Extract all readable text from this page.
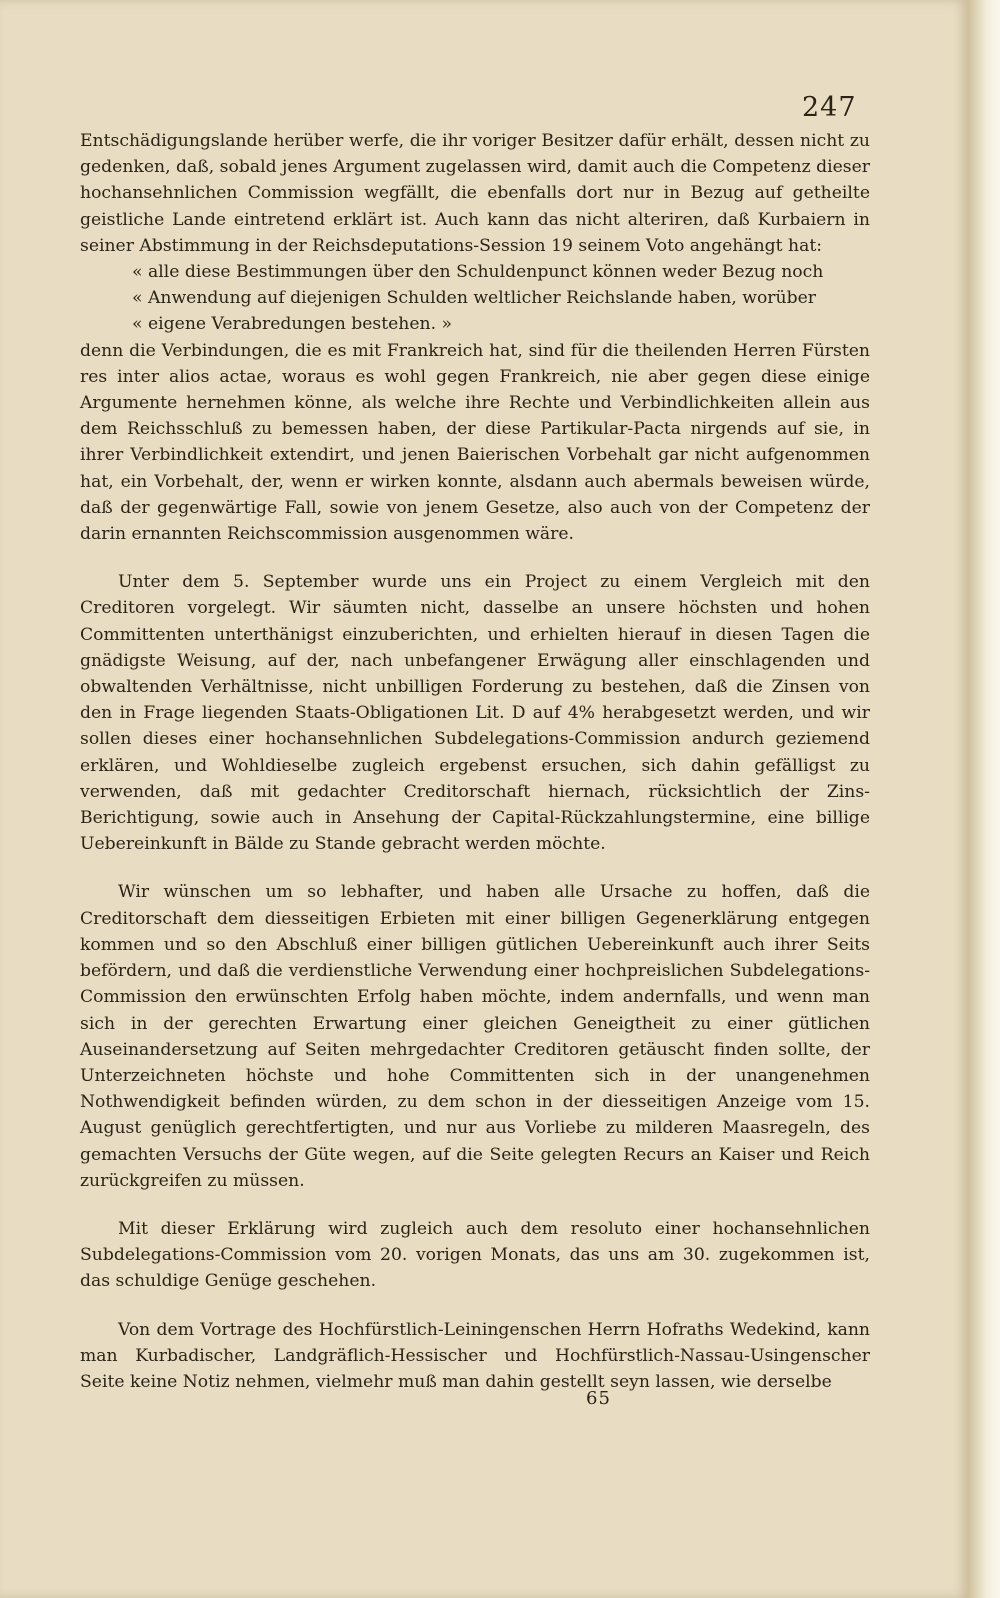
247

Entschädigungslande herüber werfe, die ihr voriger Besitzer dafür erhält, dessen nicht zu gedenken, daß, sobald jenes Argument zugelassen wird, damit auch die Competenz dieser hochansehnlichen Commission wegfällt, die ebenfalls dort nur in Bezug auf getheilte geistliche Lande eintretend erklärt ist. Auch kann das nicht alteriren, daß Kurbaiern in seiner Abstimmung in der Reichsdeputations-Session 19 seinem Voto angehängt hat:

« alle diese Bestimmungen über den Schuldenpunct können weder Bezug noch
« Anwendung auf diejenigen Schulden weltlicher Reichslande haben, worüber
« eigene Verabredungen bestehen. »

denn die Verbindungen, die es mit Frankreich hat, sind für die theilenden Herren Fürsten res inter alios actae, woraus es wohl gegen Frankreich, nie aber gegen diese einige Argumente hernehmen könne, als welche ihre Rechte und Verbindlichkeiten allein aus dem Reichsschluß zu bemessen haben, der diese Partikular-Pacta nirgends auf sie, in ihrer Verbindlichkeit extendirt, und jenen Baierischen Vorbehalt gar nicht aufgenommen hat, ein Vorbehalt, der, wenn er wirken konnte, alsdann auch abermals beweisen würde, daß der gegenwärtige Fall, sowie von jenem Gesetze, also auch von der Competenz der darin ernannten Reichscommission ausgenommen wäre.

Unter dem 5. September wurde uns ein Project zu einem Vergleich mit den Creditoren vorgelegt. Wir säumten nicht, dasselbe an unsere höchsten und hohen Committenten unterthänigst einzuberichten, und erhielten hierauf in diesen Tagen die gnädigste Weisung, auf der, nach unbefangener Erwägung aller einschlagenden und obwaltenden Verhältnisse, nicht unbilligen Forderung zu bestehen, daß die Zinsen von den in Frage liegenden Staats-Obligationen Lit. D auf 4% herabgesetzt werden, und wir sollen dieses einer hochansehnlichen Subdelegations-Commission andurch geziemend erklären, und Wohldieselbe zugleich ergebenst ersuchen, sich dahin gefälligst zu verwenden, daß mit gedachter Creditorschaft hiernach, rücksichtlich der Zins-Berichtigung, sowie auch in Ansehung der Capital-Rückzahlungstermine, eine billige Uebereinkunft in Bälde zu Stande gebracht werden möchte.

Wir wünschen um so lebhafter, und haben alle Ursache zu hoffen, daß die Creditorschaft dem diesseitigen Erbieten mit einer billigen Gegenerklärung entgegen kommen und so den Abschluß einer billigen gütlichen Uebereinkunft auch ihrer Seits befördern, und daß die verdienstliche Verwendung einer hochpreislichen Subdelegations-Commission den erwünschten Erfolg haben möchte, indem andernfalls, und wenn man sich in der gerechten Erwartung einer gleichen Geneigtheit zu einer gütlichen Auseinandersetzung auf Seiten mehrgedachter Creditoren getäuscht finden sollte, der Unterzeichneten höchste und hohe Committenten sich in der unangenehmen Nothwendigkeit befinden würden, zu dem schon in der diesseitigen Anzeige vom 15. August genüglich gerechtfertigten, und nur aus Vorliebe zu milderen Maasregeln, des gemachten Versuchs der Güte wegen, auf die Seite gelegten Recurs an Kaiser und Reich zurückgreifen zu müssen.

Mit dieser Erklärung wird zugleich auch dem resoluto einer hochansehnlichen Subdelegations-Commission vom 20. vorigen Monats, das uns am 30. zugekommen ist, das schuldige Genüge geschehen.

Von dem Vortrage des Hochfürstlich-Leiningenschen Herrn Hofraths Wedekind, kann man Kurbadischer, Landgräflich-Hessischer und Hochfürstlich-Nassau-Usingenscher Seite keine Notiz nehmen, vielmehr muß man dahin gestellt seyn lassen, wie derselbe

65
